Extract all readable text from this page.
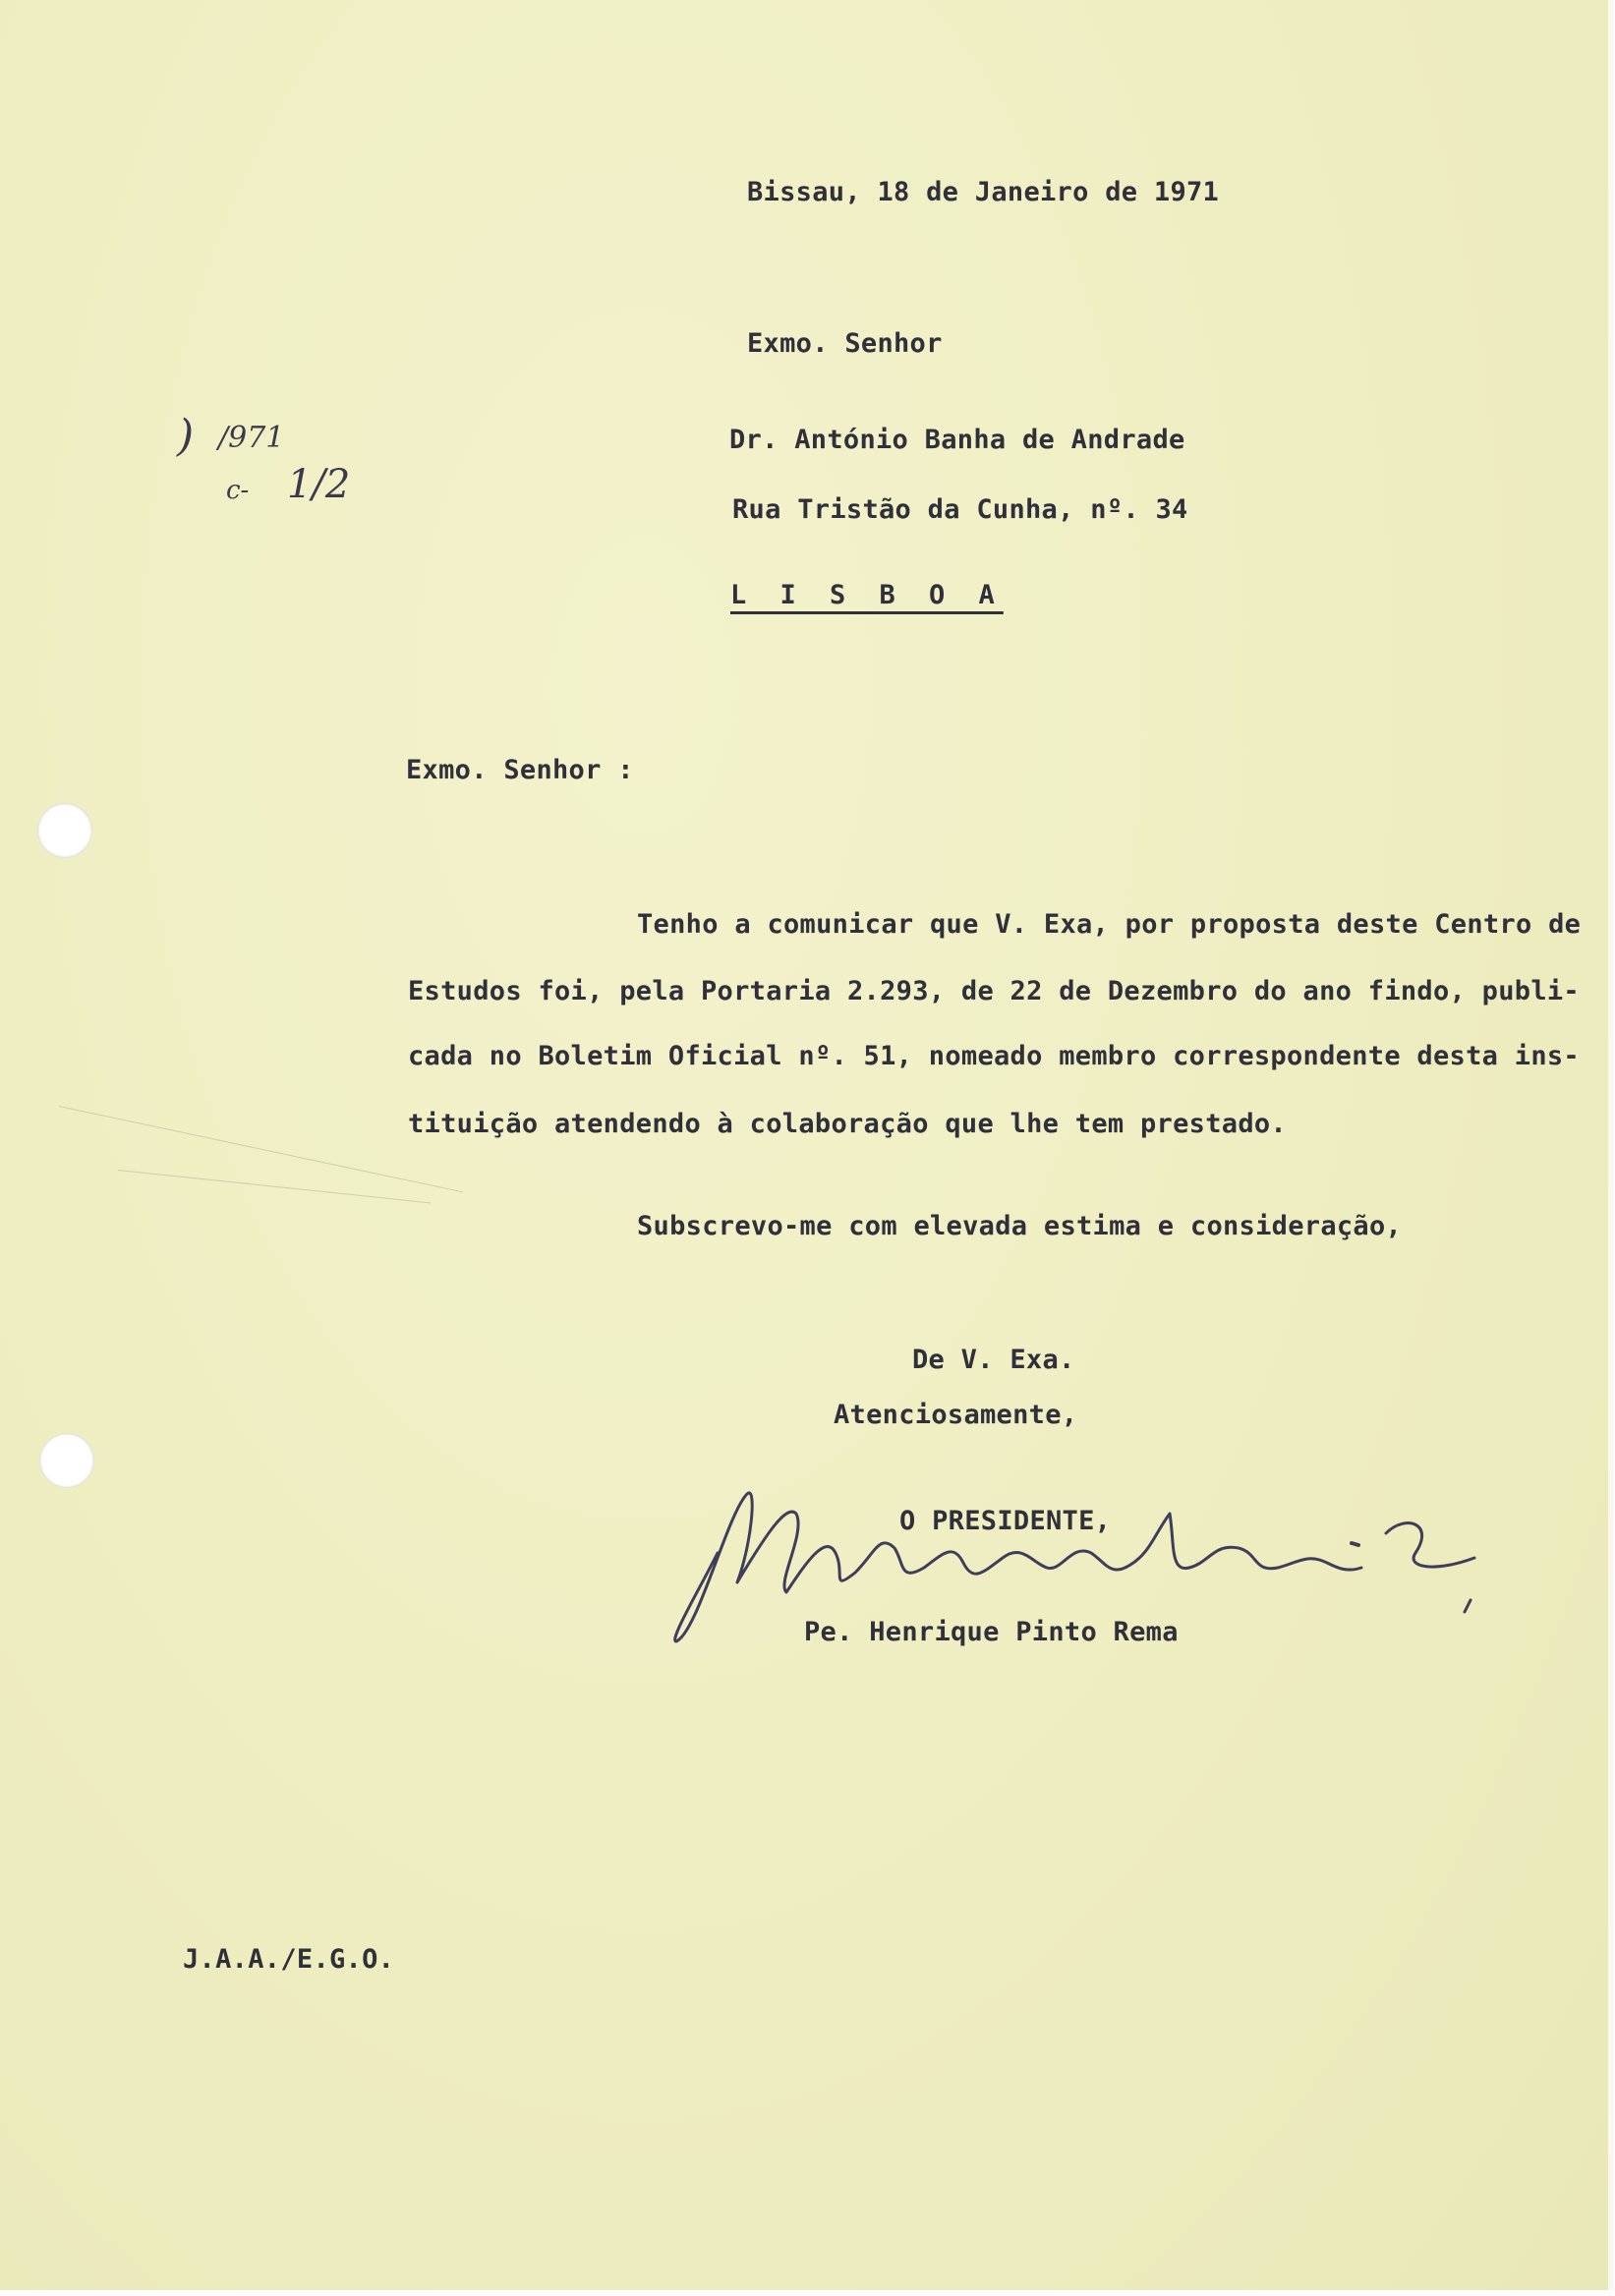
) /971
c- 1/2
Bissau, 18 de Janeiro de 1971
Exmo. Senhor
Dr. António Banha de Andrade
Rua Tristão da Cunha, nº. 34
L I S B O A
Exmo. Senhor :
Tenho a comunicar que V. Exa, por proposta deste Centro de
Estudos foi, pela Portaria 2.293, de 22 de Dezembro do ano findo, publi-
cada no Boletim Oficial nº. 51, nomeado membro correspondente desta ins-
tituição atendendo à colaboração que lhe tem prestado.
Subscrevo-me com elevada estima e consideração,
De V. Exa.
Atenciosamente,
O PRESIDENTE,
Pe. Henrique Pinto Rema
J.A.A./E.G.O.
